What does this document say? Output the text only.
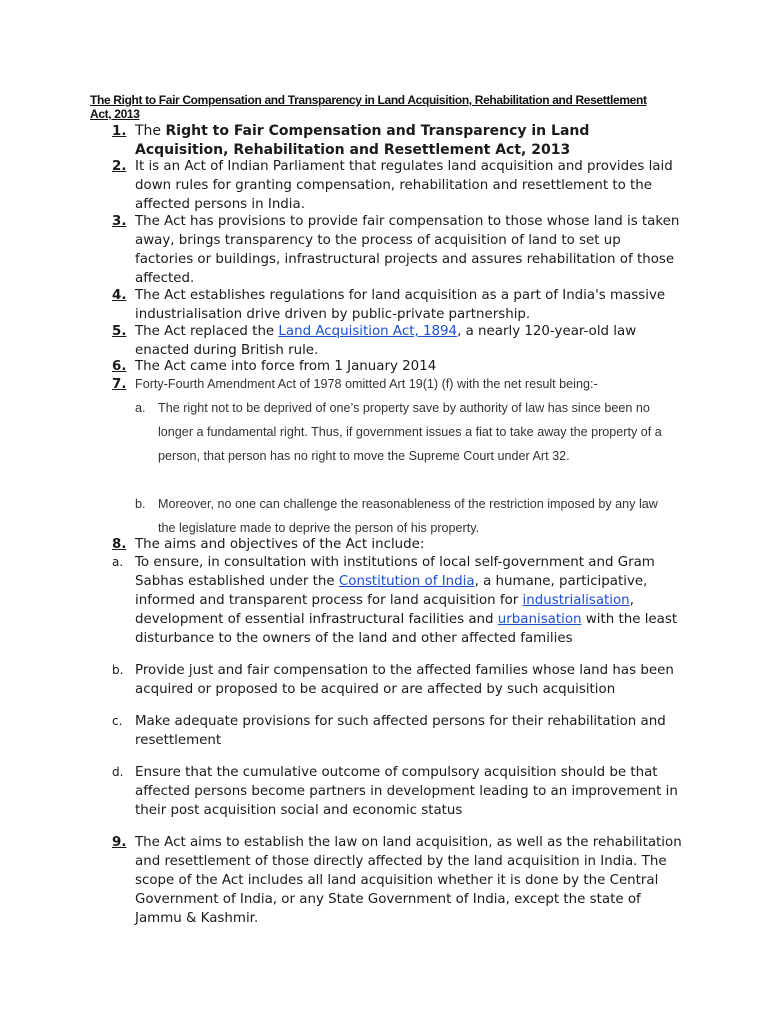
The Right to Fair Compensation and Transparency in Land Acquisition, Rehabilitation and Resettlement Act, 2013
1. The Right to Fair Compensation and Transparency in Land Acquisition, Rehabilitation and Resettlement Act, 2013
2. It is an Act of Indian Parliament that regulates land acquisition and provides laid down rules for granting compensation, rehabilitation and resettlement to the affected persons in India.
3. The Act has provisions to provide fair compensation to those whose land is taken away, brings transparency to the process of acquisition of land to set up factories or buildings, infrastructural projects and assures rehabilitation of those affected.
4. The Act establishes regulations for land acquisition as a part of India's massive industrialisation drive driven by public-private partnership.
5. The Act replaced the Land Acquisition Act, 1894, a nearly 120-year-old law enacted during British rule.
6. The Act came into force from 1 January 2014
7. Forty-Fourth Amendment Act of 1978 omitted Art 19(1) (f) with the net result being:-
a. The right not to be deprived of one’s property save by authority of law has since been no longer a fundamental right. Thus, if government issues a fiat to take away the property of a person, that person has no right to move the Supreme Court under Art 32.
b. Moreover, no one can challenge the reasonableness of the restriction imposed by any law the legislature made to deprive the person of his property.
8. The aims and objectives of the Act include:
a. To ensure, in consultation with institutions of local self-government and Gram Sabhas established under the Constitution of India, a humane, participative, informed and transparent process for land acquisition for industrialisation, development of essential infrastructural facilities and urbanisation with the least disturbance to the owners of the land and other affected families
b. Provide just and fair compensation to the affected families whose land has been acquired or proposed to be acquired or are affected by such acquisition
c. Make adequate provisions for such affected persons for their rehabilitation and resettlement
d. Ensure that the cumulative outcome of compulsory acquisition should be that affected persons become partners in development leading to an improvement in their post acquisition social and economic status
9. The Act aims to establish the law on land acquisition, as well as the rehabilitation and resettlement of those directly affected by the land acquisition in India. The scope of the Act includes all land acquisition whether it is done by the Central Government of India, or any State Government of India, except the state of Jammu & Kashmir.
